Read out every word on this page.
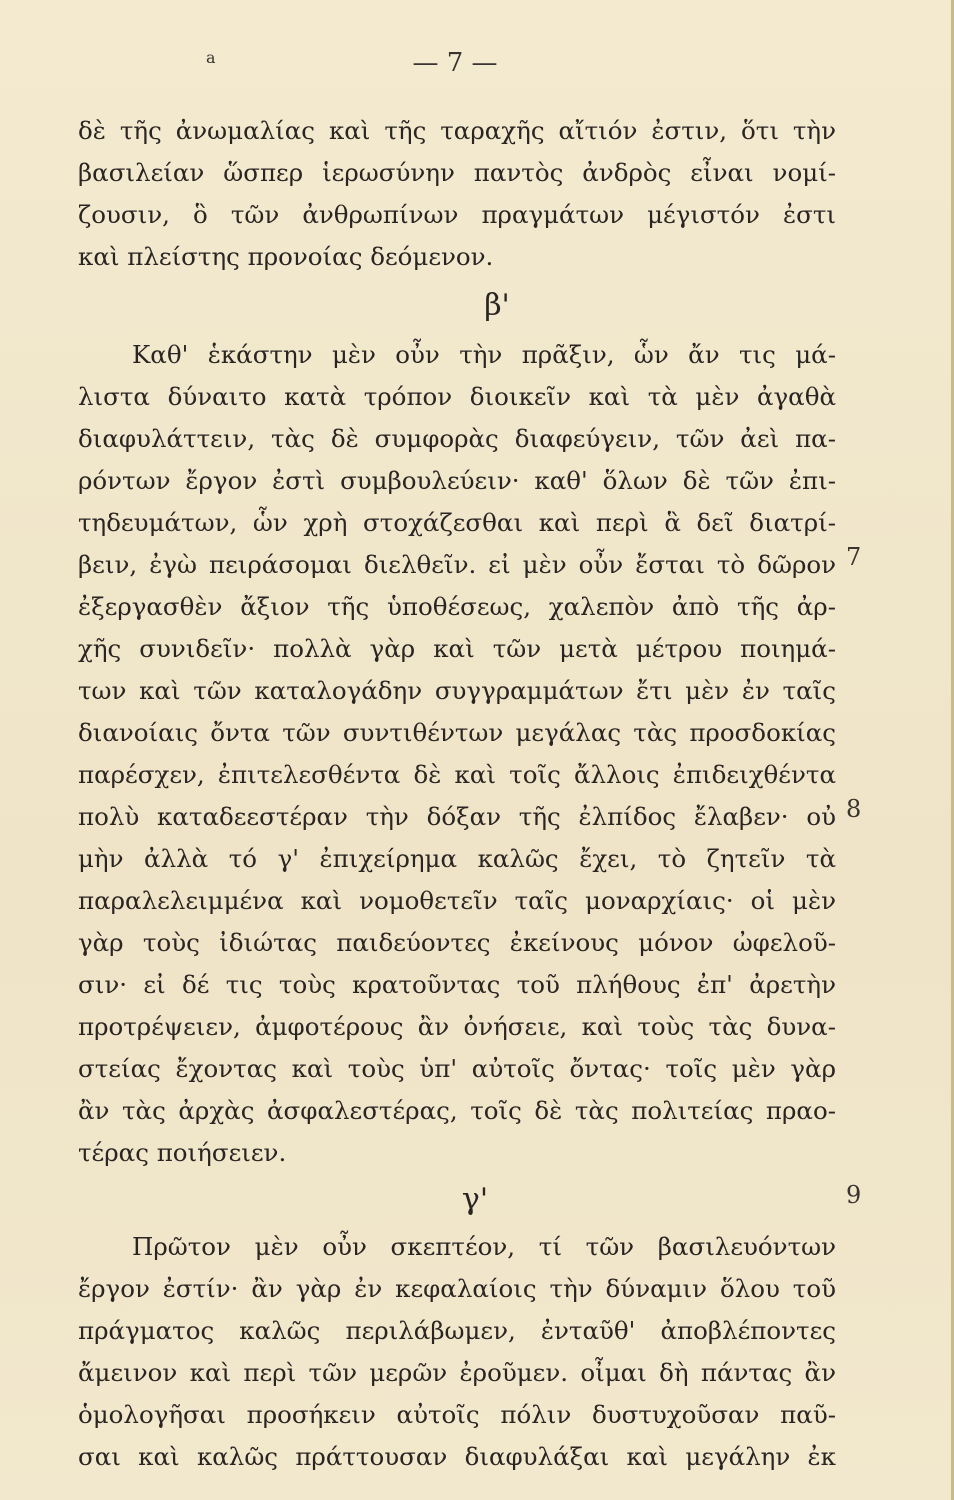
a	— 7 —
δὲ τῆς ἀνωμαλίας καὶ τῆς ταραχῆς αἴτιόν ἐστιν, ὅτι τὴν
βασιλείαν ὥσπερ ἱερωσύνην παντὸς ἀνδρὸς εἶναι νομί-
ζουσιν, ὃ τῶν ἀνθρωπίνων πραγμάτων μέγιστόν ἐστι
καὶ πλείστης προνοίας δεόμενον.
β'
Καθ' ἑκάστην μὲν οὖν τὴν πρᾶξιν, ὧν ἄν τις μά-
λιστα δύναιτο κατὰ τρόπον διοικεῖν καὶ τὰ μὲν ἀγαθὰ
διαφυλάττειν, τὰς δὲ συμφορὰς διαφεύγειν, τῶν ἀεὶ πα-
ρόντων ἔργον ἐστὶ συμβουλεύειν· καθ' ὅλων δὲ τῶν ἐπι-
τηδευμάτων, ὧν χρὴ στοχάζεσθαι καὶ περὶ ἃ δεῖ διατρί-
βειν, ἐγὼ πειράσομαι διελθεῖν. εἰ μὲν οὖν ἔσται τὸ δῶρον
ἐξεργασθὲν ἄξιον τῆς ὑποθέσεως, χαλεπὸν ἀπὸ τῆς ἀρ-
χῆς συνιδεῖν· πολλὰ γὰρ καὶ τῶν μετὰ μέτρου ποιημά-
των καὶ τῶν καταλογάδην συγγραμμάτων ἔτι μὲν ἐν ταῖς
διανοίαις ὄντα τῶν συντιθέντων μεγάλας τὰς προσδοκίας
παρέσχεν, ἐπιτελεσθέντα δὲ καὶ τοῖς ἄλλοις ἐπιδειχθέντα
πολὺ καταδεεστέραν τὴν δόξαν τῆς ἐλπίδος ἔλαβεν· οὐ
μὴν ἀλλὰ τό γ' ἐπιχείρημα καλῶς ἔχει, τὸ ζητεῖν τὰ
παραλελειμμένα καὶ νομοθετεῖν ταῖς μοναρχίαις· οἱ μὲν
γὰρ τοὺς ἰδιώτας παιδεύοντες ἐκείνους μόνον ὠφελοῦ-
σιν· εἰ δέ τις τοὺς κρατοῦντας τοῦ πλήθους ἐπ' ἀρετὴν
προτρέψειεν, ἀμφοτέρους ἂν ὀνήσειε, καὶ τοὺς τὰς δυνα-
στείας ἔχοντας καὶ τοὺς ὑπ' αὐτοῖς ὄντας· τοῖς μὲν γὰρ
ἂν τὰς ἀρχὰς ἀσφαλεστέρας, τοῖς δὲ τὰς πολιτείας πραο-
τέρας ποιήσειεν.
γ'
Πρῶτον μὲν οὖν σκεπτέον, τί τῶν βασιλευόντων
ἔργον ἐστίν· ἂν γὰρ ἐν κεφαλαίοις τὴν δύναμιν ὅλου τοῦ
πράγματος καλῶς περιλάβωμεν, ἐνταῦθ' ἀποβλέποντες
ἄμεινον καὶ περὶ τῶν μερῶν ἐροῦμεν. οἶμαι δὴ πάντας ἂν
ὁμολογῆσαι προσήκειν αὐτοῖς πόλιν δυστυχοῦσαν παῦ-
σαι καὶ καλῶς πράττουσαν διαφυλάξαι καὶ μεγάλην ἐκ
7
8
9
